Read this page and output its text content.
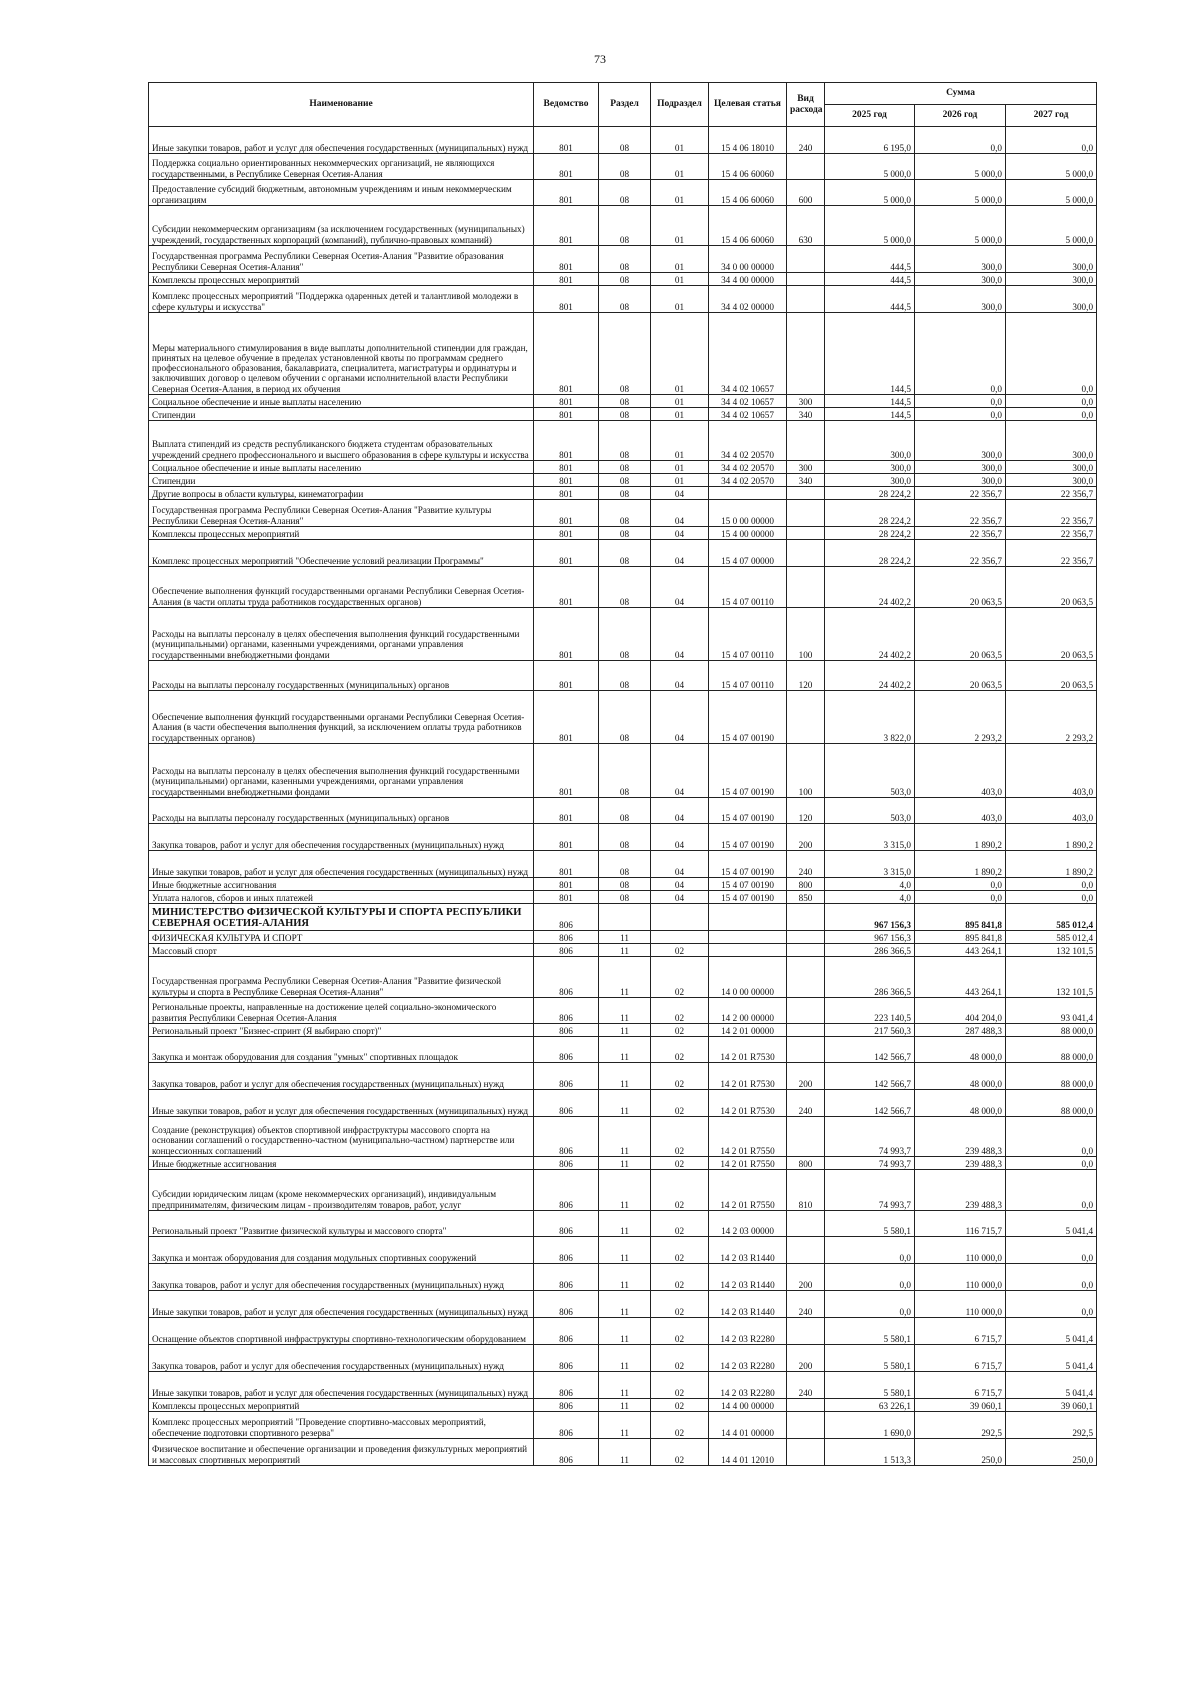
73
Наименование	Ведомство	Раздел	Подраздел	Целевая статья	Вид расхода	Сумма		
						2025 год	2026 год	2027 год
Иные закупки товаров, работ и услуг для обеспечения государственных (муниципальных) нужд	801	08	01	15 4 06 18010	240	6 195,0	0,0	0,0
Поддержка социально ориентированных некоммерческих организаций, не являющихся государственными, в Республике Северная Осетия-Алания	801	08	01	15 4 06 60060		5 000,0	5 000,0	5 000,0
Предоставление субсидий бюджетным, автономным учреждениям и иным некоммерческим организациям	801	08	01	15 4 06 60060	600	5 000,0	5 000,0	5 000,0
Субсидии некоммерческим организациям (за исключением государственных (муниципальных) учреждений, государственных корпораций (компаний), публично-правовых компаний)	801	08	01	15 4 06 60060	630	5 000,0	5 000,0	5 000,0
Государственная программа Республики Северная Осетия-Алания "Развитие образования Республики Северная Осетия-Алания"	801	08	01	34 0 00 00000		444,5	300,0	300,0
Комплексы процессных мероприятий	801	08	01	34 4 00 00000		444,5	300,0	300,0
Комплекс процессных мероприятий "Поддержка одаренных детей и талантливой молодежи в сфере культуры и искусства"	801	08	01	34 4 02 00000		444,5	300,0	300,0
Меры материального стимулирования в виде выплаты дополнительной стипендии для граждан, принятых на целевое обучение в пределах установленной квоты по программам среднего профессионального образования, бакалавриата, специалитета, магистратуры и ординатуры и заключивших договор о целевом обучении с органами исполнительной власти Республики Северная Осетия-Алания, в период их обучения	801	08	01	34 4 02 10657		144,5	0,0	0,0
Социальное обеспечение и иные выплаты населению	801	08	01	34 4 02 10657	300	144,5	0,0	0,0
Стипендии	801	08	01	34 4 02 10657	340	144,5	0,0	0,0
Выплата стипендий из средств республиканского бюджета студентам образовательных учреждений среднего профессионального и высшего образования в сфере культуры и искусства	801	08	01	34 4 02 20570		300,0	300,0	300,0
Социальное обеспечение и иные выплаты населению	801	08	01	34 4 02 20570	300	300,0	300,0	300,0
Стипендии	801	08	01	34 4 02 20570	340	300,0	300,0	300,0
Другие вопросы в области культуры, кинематографии	801	08	04			28 224,2	22 356,7	22 356,7
Государственная программа Республики Северная Осетия-Алания "Развитие культуры Республики Северная Осетия-Алания"	801	08	04	15 0 00 00000		28 224,2	22 356,7	22 356,7
Комплексы процессных мероприятий	801	08	04	15 4 00 00000		28 224,2	22 356,7	22 356,7
Комплекс процессных мероприятий "Обеспечение условий реализации Программы"	801	08	04	15 4 07 00000		28 224,2	22 356,7	22 356,7
Обеспечение выполнения функций государственными органами Республики Северная Осетия-Алания (в части оплаты труда работников государственных органов)	801	08	04	15 4 07 00110		24 402,2	20 063,5	20 063,5
Расходы на выплаты персоналу в целях обеспечения выполнения функций государственными (муниципальными) органами, казенными учреждениями, органами управления государственными внебюджетными фондами	801	08	04	15 4 07 00110	100	24 402,2	20 063,5	20 063,5
Расходы на выплаты персоналу государственных (муниципальных) органов	801	08	04	15 4 07 00110	120	24 402,2	20 063,5	20 063,5
Обеспечение выполнения функций государственными органами Республики Северная Осетия-Алания (в части обеспечения выполнения функций, за исключением оплаты труда работников государственных органов)	801	08	04	15 4 07 00190		3 822,0	2 293,2	2 293,2
Расходы на выплаты персоналу в целях обеспечения выполнения функций государственными (муниципальными) органами, казенными учреждениями, органами управления государственными внебюджетными фондами	801	08	04	15 4 07 00190	100	503,0	403,0	403,0
Расходы на выплаты персоналу государственных (муниципальных) органов	801	08	04	15 4 07 00190	120	503,0	403,0	403,0
Закупка товаров, работ и услуг для обеспечения государственных (муниципальных) нужд	801	08	04	15 4 07 00190	200	3 315,0	1 890,2	1 890,2
Иные закупки товаров, работ и услуг для обеспечения государственных (муниципальных) нужд	801	08	04	15 4 07 00190	240	3 315,0	1 890,2	1 890,2
Иные бюджетные ассигнования	801	08	04	15 4 07 00190	800	4,0	0,0	0,0
Уплата налогов, сборов и иных платежей	801	08	04	15 4 07 00190	850	4,0	0,0	0,0
МИНИСТЕРСТВО ФИЗИЧЕСКОЙ КУЛЬТУРЫ И СПОРТА РЕСПУБЛИКИ СЕВЕРНАЯ ОСЕТИЯ-АЛАНИЯ	806					967 156,3	895 841,8	585 012,4
ФИЗИЧЕСКАЯ КУЛЬТУРА И СПОРТ	806	11				967 156,3	895 841,8	585 012,4
Массовый спорт	806	11	02			286 366,5	443 264,1	132 101,5
Государственная программа Республики Северная Осетия-Алания "Развитие физической культуры и спорта в Республике Северная Осетия-Алания"	806	11	02	14 0 00 00000		286 366,5	443 264,1	132 101,5
Региональные проекты, направленные на достижение целей социально-экономического развития Республики Северная Осетия-Алания	806	11	02	14 2 00 00000		223 140,5	404 204,0	93 041,4
Региональный проект "Бизнес-спринт (Я выбираю спорт)"	806	11	02	14 2 01 00000		217 560,3	287 488,3	88 000,0
Закупка и монтаж оборудования для создания "умных" спортивных площадок	806	11	02	14 2 01 R7530		142 566,7	48 000,0	88 000,0
Закупка товаров, работ и услуг для обеспечения государственных (муниципальных) нужд	806	11	02	14 2 01 R7530	200	142 566,7	48 000,0	88 000,0
Иные закупки товаров, работ и услуг для обеспечения государственных (муниципальных) нужд	806	11	02	14 2 01 R7530	240	142 566,7	48 000,0	88 000,0
Создание (реконструкция) объектов спортивной инфраструктуры массового спорта на основании соглашений о государственно-частном (муниципально-частном) партнерстве или концессионных соглашений	806	11	02	14 2 01 R7550		74 993,7	239 488,3	0,0
Иные бюджетные ассигнования	806	11	02	14 2 01 R7550	800	74 993,7	239 488,3	0,0
Субсидии юридическим лицам (кроме некоммерческих организаций), индивидуальным предпринимателям, физическим лицам - производителям товаров, работ, услуг	806	11	02	14 2 01 R7550	810	74 993,7	239 488,3	0,0
Региональный проект "Развитие физической культуры и массового спорта"	806	11	02	14 2 03 00000		5 580,1	116 715,7	5 041,4
Закупка и монтаж оборудования для создания модульных спортивных сооружений	806	11	02	14 2 03 R1440		0,0	110 000,0	0,0
Закупка товаров, работ и услуг для обеспечения государственных (муниципальных) нужд	806	11	02	14 2 03 R1440	200	0,0	110 000,0	0,0
Иные закупки товаров, работ и услуг для обеспечения государственных (муниципальных) нужд	806	11	02	14 2 03 R1440	240	0,0	110 000,0	0,0
Оснащение объектов спортивной инфраструктуры спортивно-технологическим оборудованием	806	11	02	14 2 03 R2280		5 580,1	6 715,7	5 041,4
Закупка товаров, работ и услуг для обеспечения государственных (муниципальных) нужд	806	11	02	14 2 03 R2280	200	5 580,1	6 715,7	5 041,4
Иные закупки товаров, работ и услуг для обеспечения государственных (муниципальных) нужд	806	11	02	14 2 03 R2280	240	5 580,1	6 715,7	5 041,4
Комплексы процессных мероприятий	806	11	02	14 4 00 00000		63 226,1	39 060,1	39 060,1
Комплекс процессных мероприятий "Проведение спортивно-массовых мероприятий, обеспечение подготовки спортивного резерва"	806	11	02	14 4 01 00000		1 690,0	292,5	292,5
Физическое воспитание и обеспечение организации и проведения физкультурных мероприятий и массовых спортивных мероприятий	806	11	02	14 4 01 12010		1 513,3	250,0	250,0
